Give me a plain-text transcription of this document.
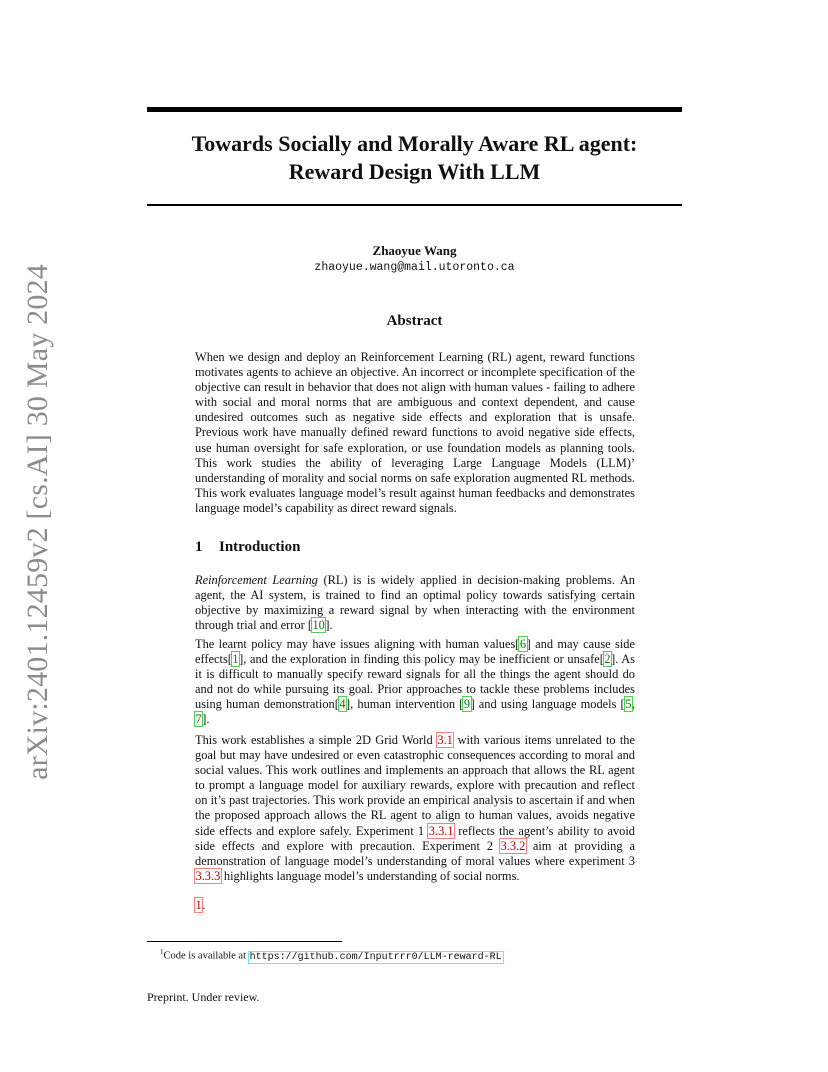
arXiv:2401.12459v2 [cs.AI] 30 May 2024
Towards Socially and Morally Aware RL agent:
Reward Design With LLM
Zhaoyue Wang
zhaoyue.wang@mail.utoronto.ca
Abstract
When we design and deploy an Reinforcement Learning (RL) agent, reward functions motivates agents to achieve an objective. An incorrect or incomplete specification of the objective can result in behavior that does not align with human values - failing to adhere with social and moral norms that are ambiguous and context dependent, and cause undesired outcomes such as negative side effects and exploration that is unsafe. Previous work have manually defined reward functions to avoid negative side effects, use human oversight for safe exploration, or use foundation models as planning tools. This work studies the ability of leveraging Large Language Models (LLM)’ understanding of morality and social norms on safe exploration augmented RL methods. This work evaluates language model’s result against human feedbacks and demonstrates language model’s capability as direct reward signals.
1 Introduction
Reinforcement Learning (RL) is is widely applied in decision-making problems. An agent, the AI system, is trained to find an optimal policy towards satisfying certain objective by maximizing a reward signal by when interacting with the environment through trial and error [10].
The learnt policy may have issues aligning with human values[6] and may cause side effects[1], and the exploration in finding this policy may be inefficient or unsafe[2]. As it is difficult to manually specify reward signals for all the things the agent should do and not do while pursuing its goal. Prior approaches to tackle these problems includes using human demonstration[4], human intervention [9] and using language models [5, 7].
This work establishes a simple 2D Grid World 3.1 with various items unrelated to the goal but may have undesired or even catastrophic consequences according to moral and social values. This work outlines and implements an approach that allows the RL agent to prompt a language model for auxiliary rewards, explore with precaution and reflect on it’s past trajectories. This work provide an empirical analysis to ascertain if and when the proposed approach allows the RL agent to align to human values, avoids negative side effects and explore safely. Experiment 1 3.3.1 reflects the agent’s ability to avoid side effects and explore with precaution. Experiment 2 3.3.2 aim at providing a demonstration of language model’s understanding of moral values where experiment 3 3.3.3 highlights language model’s understanding of social norms.
1.
$^1$Code is available at https://github.com/Inputrrr0/LLM-reward-RL
Preprint. Under review.
